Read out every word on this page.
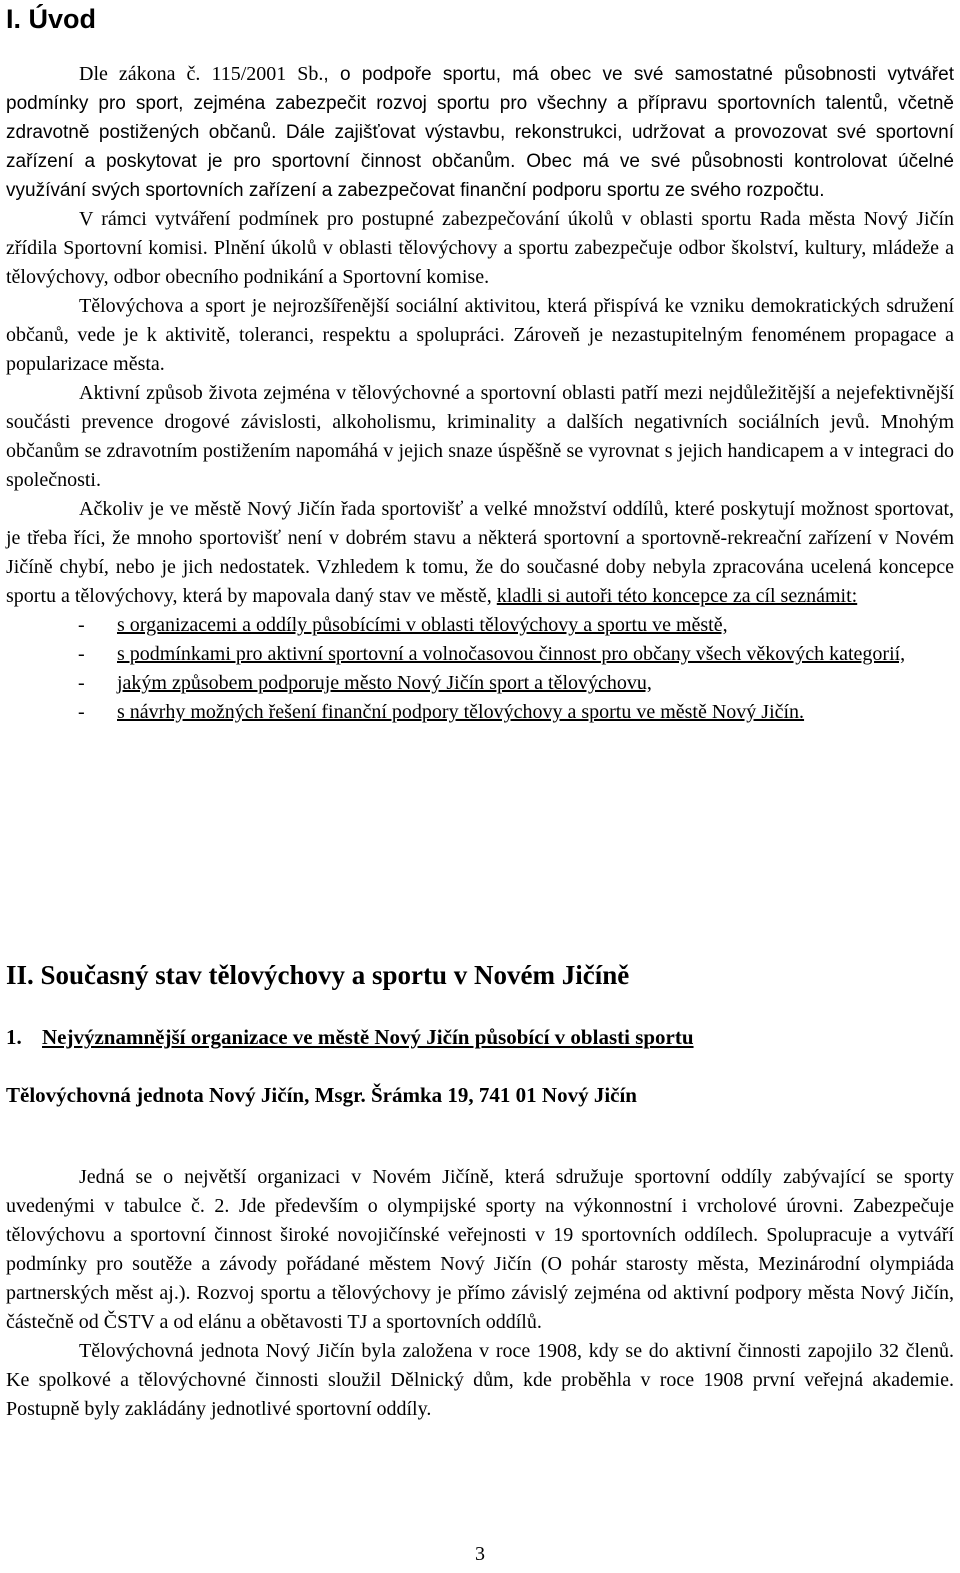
I. Úvod

Dle zákona č. 115/2001 Sb., o podpoře sportu, má obec ve své samostatné působnosti vytvářet podmínky pro sport, zejména zabezpečit rozvoj sportu pro všechny a přípravu sportovních talentů, včetně zdravotně postižených občanů. Dále zajišťovat výstavbu, rekonstrukci, udržovat a provozovat své sportovní zařízení a poskytovat je pro sportovní činnost občanům. Obec má ve své působnosti kontrolovat účelné využívání svých sportovních zařízení a zabezpečovat finanční podporu sportu ze svého rozpočtu.

V rámci vytváření podmínek pro postupné zabezpečování úkolů v oblasti sportu Rada města Nový Jičín zřídila Sportovní komisi. Plnění úkolů v oblasti tělovýchovy a sportu zabezpečuje odbor školství, kultury, mládeže a tělovýchovy, odbor obecního podnikání a Sportovní komise.

Tělovýchova a sport je nejrozšířenější sociální aktivitou, která přispívá ke vzniku demokratických sdružení občanů, vede je k aktivitě, toleranci, respektu a spolupráci. Zároveň je nezastupitelným fenoménem propagace a popularizace města.

Aktivní způsob života zejména v tělovýchovné a sportovní oblasti patří mezi nejdůležitější a nejefektivnější součásti prevence drogové závislosti, alkoholismu, kriminality a dalších negativních sociálních jevů. Mnohým občanům se zdravotním postižením napomáhá v jejich snaze úspěšně se vyrovnat s jejich handicapem a v integraci do společnosti.

Ačkoliv je ve městě Nový Jičín řada sportovišť a velké množství oddílů, které poskytují možnost sportovat, je třeba říci, že mnoho sportovišť není v dobrém stavu a některá sportovní a sportovně-rekreační zařízení v Novém Jičíně chybí, nebo je jich nedostatek. Vzhledem k tomu, že do současné doby nebyla zpracována ucelená koncepce sportu a tělovýchovy, která by mapovala daný stav ve městě, kladli si autoři této koncepce za cíl seznámit:

- s organizacemi a oddíly působícími v oblasti tělovýchovy a sportu ve městě,
- s podmínkami pro aktivní sportovní a volnočasovou činnost pro občany všech věkových kategorií,
- jakým způsobem podporuje město Nový Jičín sport a tělovýchovu,
- s návrhy možných řešení finanční podpory tělovýchovy a sportu ve městě Nový Jičín.
II. Současný stav tělovýchovy a sportu v Novém Jičíně
1. Nejvýznamnější organizace ve městě Nový Jičín působící v oblasti sportu
Tělovýchovná jednota Nový Jičín, Msgr. Šrámka 19, 741 01 Nový Jičín

Jedná se o největší organizaci v Novém Jičíně, která sdružuje sportovní oddíly zabývající se sporty uvedenými v tabulce č. 2. Jde především o olympijské sporty na výkonnostní i vrcholové úrovni. Zabezpečuje tělovýchovu a sportovní činnost široké novojičínské veřejnosti v 19 sportovních oddílech. Spolupracuje a vytváří podmínky pro soutěže a závody pořádané městem Nový Jičín (O pohár starosty města, Mezinárodní olympiáda partnerských měst aj.). Rozvoj sportu a tělovýchovy je přímo závislý zejména od aktivní podpory města Nový Jičín, částečně od ČSTV a od elánu a obětavosti TJ a sportovních oddílů.

Tělovýchovná jednota Nový Jičín byla založena v roce 1908, kdy se do aktivní činnosti zapojilo 32 členů. Ke spolkové a tělovýchovné činnosti sloužil Dělnický dům, kde proběhla v roce 1908 první veřejná akademie. Postupně byly zakládány jednotlivé sportovní oddíly.

3
